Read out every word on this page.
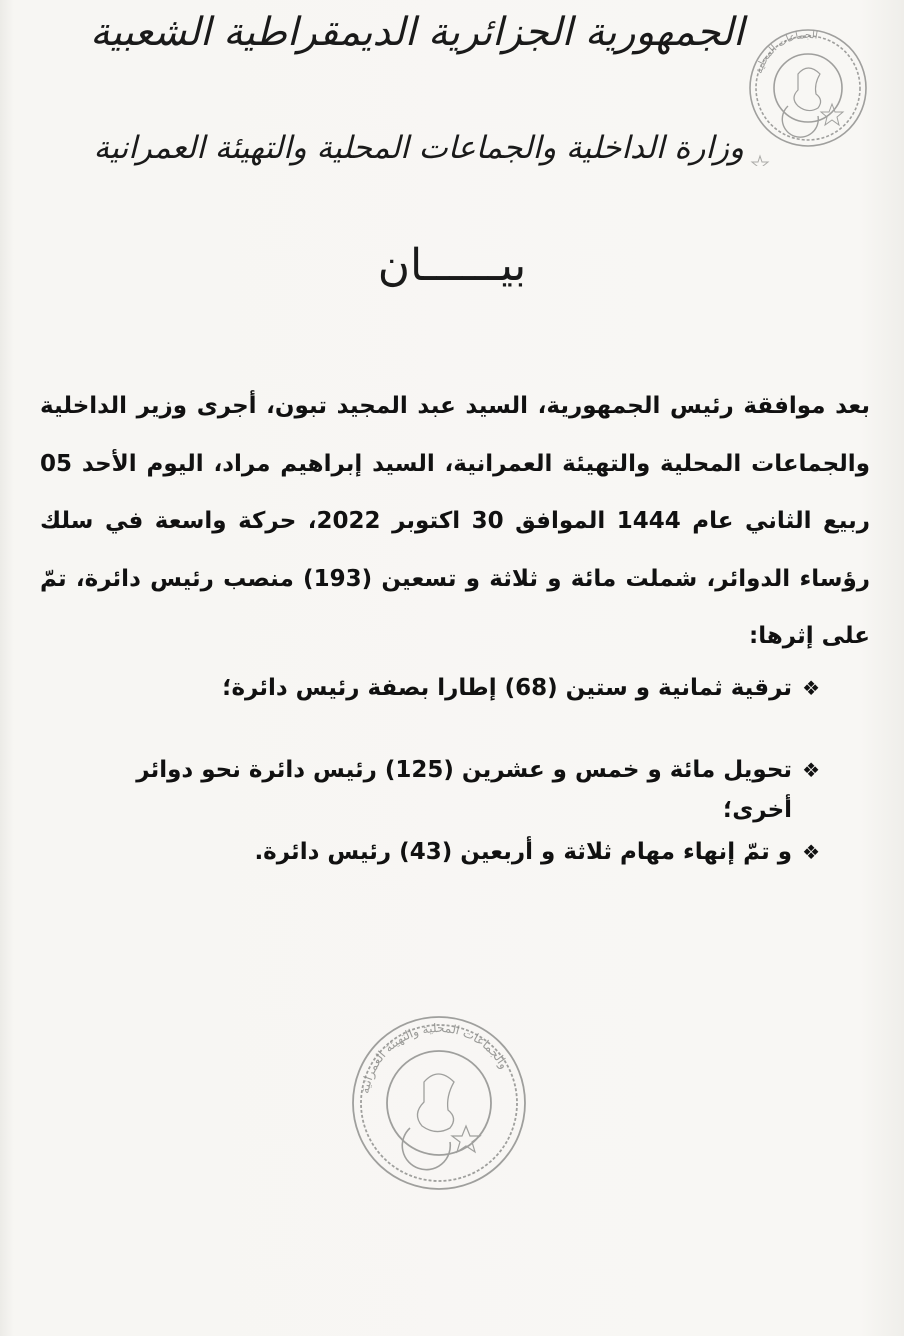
الجمهورية الجزائرية الديمقراطية الشعبية
وزارة الداخلية والجماعات المحلية والتهيئة العمرانية
الجماعات المحلية
بيــــــان
بعد موافقة رئيس الجمهورية، السيد عبد المجيد تبون، أجرى وزير الداخلية والجماعات المحلية والتهيئة العمرانية، السيد إبراهيم مراد، اليوم الأحد 05 ربيع الثاني عام 1444 الموافق 30 اكتوبر 2022، حركة واسعة في سلك رؤساء الدوائر، شملت مائة و ثلاثة و تسعين (193) منصب رئيس دائرة، تمّ على إثرها:
❖
ترقية ثمانية و ستين (68) إطارا بصفة رئيس دائرة؛
❖
تحويل مائة و خمس و عشرين (125) رئيس دائرة نحو دوائر أخرى؛
❖
و تمّ إنهاء مهام ثلاثة و أربعين (43) رئيس دائرة.
والجماعات المحلية والتهيئة العمرانية
